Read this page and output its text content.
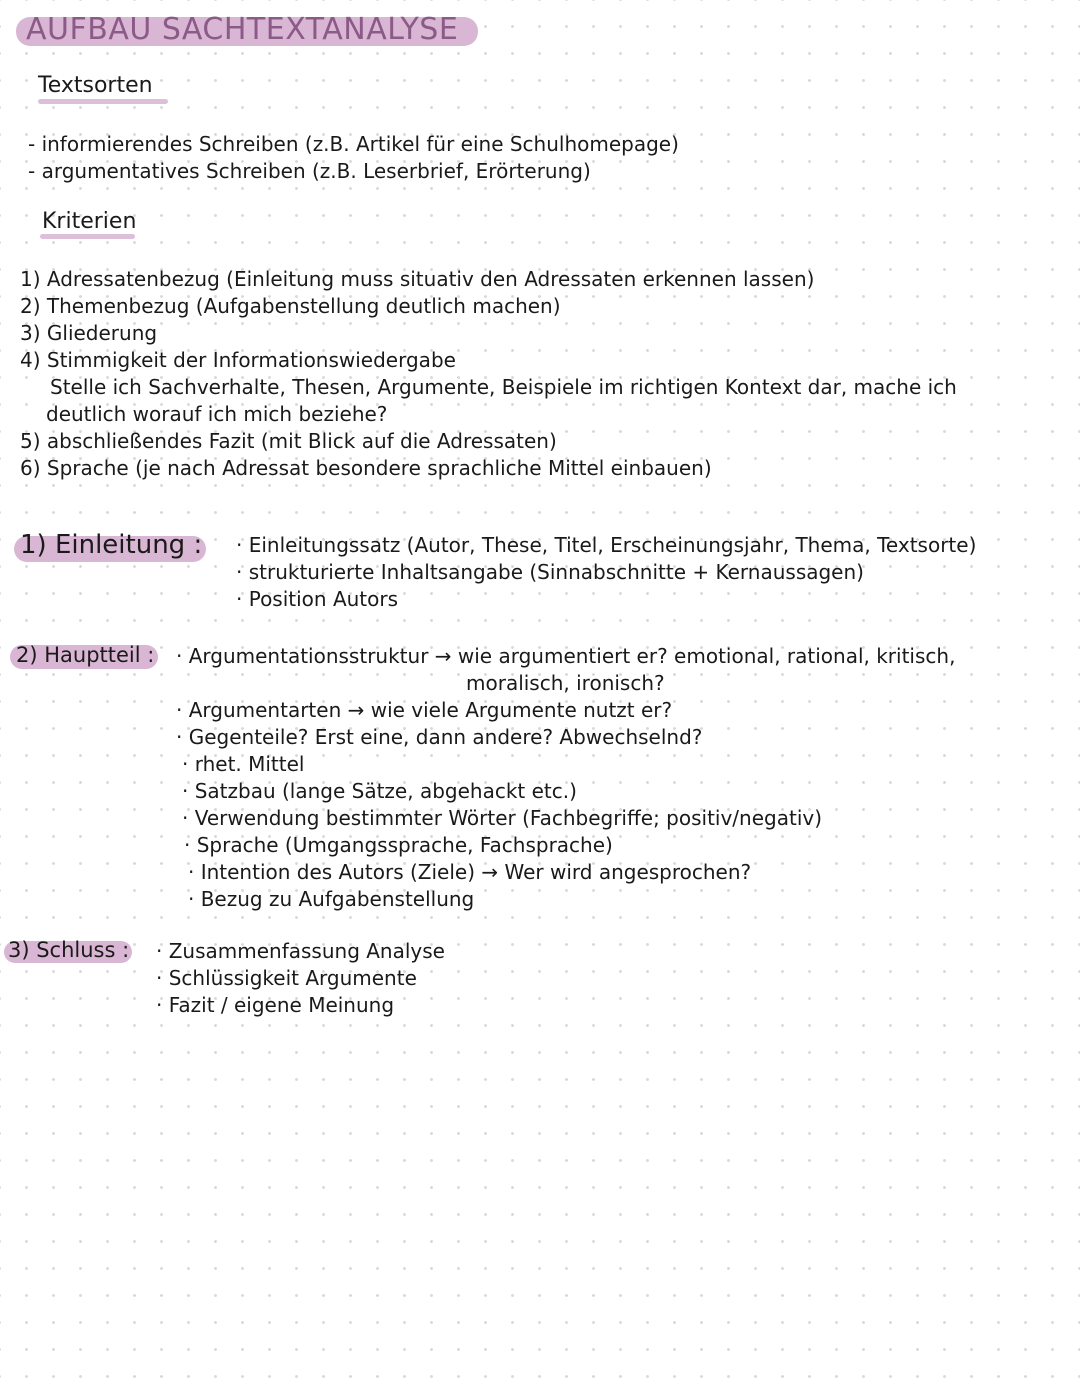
AUFBAU SACHTEXTANALYSE
Textsorten
- informierendes Schreiben (z.B. Artikel für eine Schulhomepage)
- argumentatives Schreiben (z.B. Leserbrief, Erörterung)
Kriterien
1) Adressatenbezug (Einleitung muss situativ den Adressaten erkennen lassen)
2) Themenbezug (Aufgabenstellung deutlich machen)
3) Gliederung
4) Stimmigkeit der Informationswiedergabe
Stelle ich Sachverhalte, Thesen, Argumente, Beispiele im richtigen Kontext dar, mache ich
deutlich worauf ich mich beziehe?
5) abschließendes Fazit (mit Blick auf die Adressaten)
6) Sprache (je nach Adressat besondere sprachliche Mittel einbauen)
1) Einleitung : · Einleitungssatz (Autor, These, Titel, Erscheinungsjahr, Thema, Textsorte)
· strukturierte Inhaltsangabe (Sinnabschnitte + Kernaussagen)
· Position Autors
2) Hauptteil : · Argumentationsstruktur → wie argumentiert er? emotional, rational, kritisch,
moralisch, ironisch?
· Argumentarten → wie viele Argumente nutzt er?
· Gegenteile? Erst eine, dann andere? Abwechselnd?
· rhet. Mittel
· Satzbau (lange Sätze, abgehackt etc.)
· Verwendung bestimmter Wörter (Fachbegriffe; positiv/negativ)
· Sprache (Umgangssprache, Fachsprache)
· Intention des Autors (Ziele) → Wer wird angesprochen?
· Bezug zu Aufgabenstellung
3) Schluss : · Zusammenfassung Analyse
· Schlüssigkeit Argumente
· Fazit / eigene Meinung
